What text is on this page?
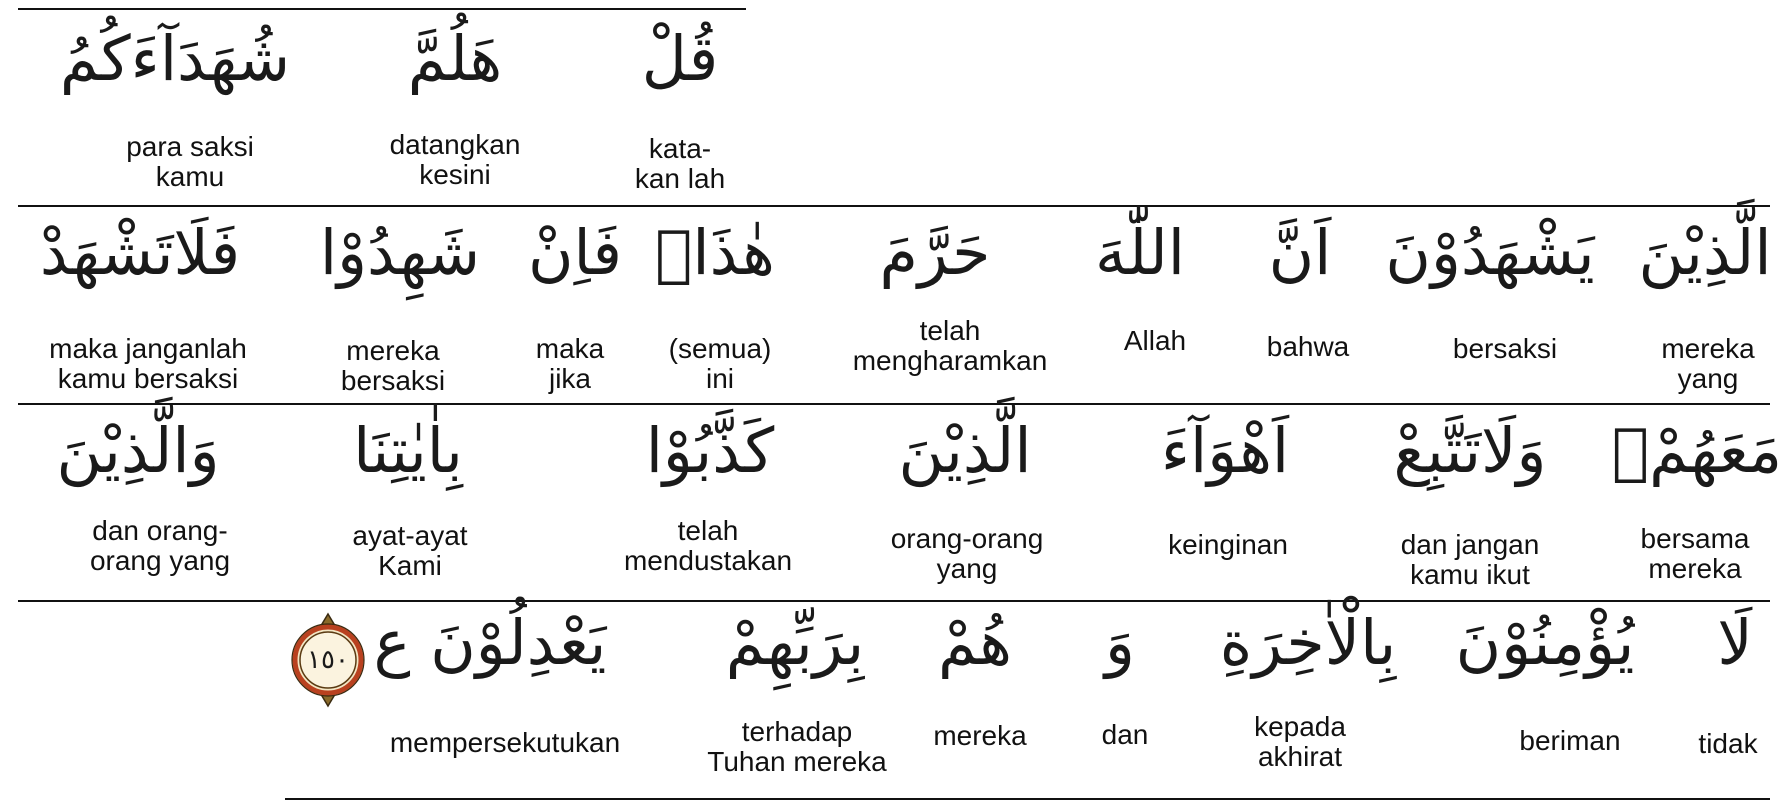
قُلْ
kata-
kan lah
هَلُمَّ
datangkan
kesini
شُهَدَآءَكُمُ
para saksi
kamu
الَّذِيْنَ
mereka
yang
يَشْهَدُوْنَ
bersaksi
اَنَّ
bahwa
اللّٰهَ
Allah
حَرَّمَ
telah
mengharamkan
هٰذَاۚ
(semua)
ini
فَاِنْ
maka
jika
شَهِدُوْا
mereka
bersaksi
فَلَاتَشْهَدْ
maka janganlah
kamu bersaksi
مَعَهُمْۚ
bersama
mereka
وَلَاتَتَّبِعْ
dan jangan
kamu ikut
اَهْوَآءَ
keinginan
الَّذِيْنَ
orang-orang
yang
كَذَّبُوْا
telah
mendustakan
بِاٰيٰتِنَا
ayat-ayat
Kami
وَالَّذِيْنَ
dan orang-
orang yang
لَا
tidak
يُؤْمِنُوْنَ
beriman
بِالْاٰخِرَةِ
kepada
akhirat
وَ
dan
هُمْ
mereka
بِرَبِّهِمْ
terhadap
Tuhan mereka
يَعْدِلُوْنَ ع
mempersekutukan
١٥٠
